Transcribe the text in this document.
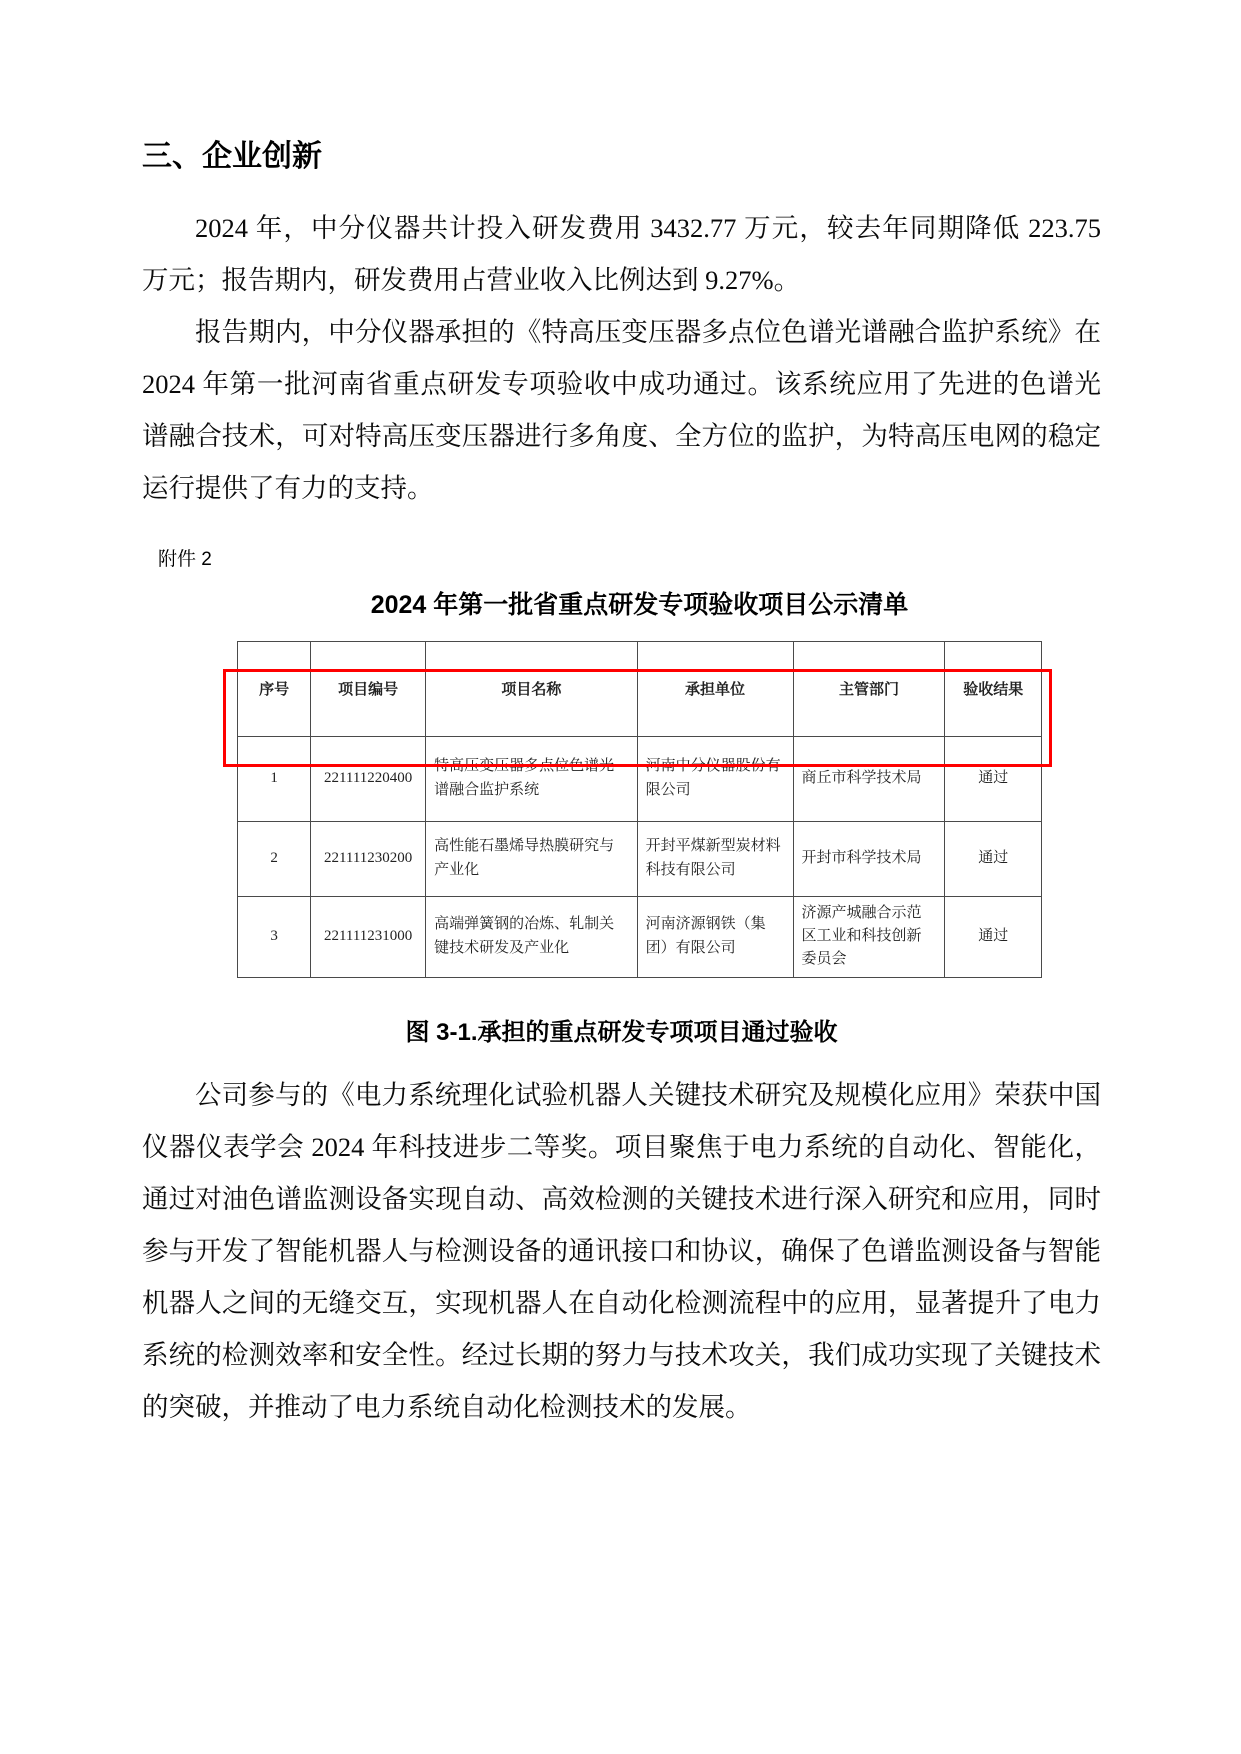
三、企业创新

2024 年，中分仪器共计投入研发费用 3432.77 万元，较去年同期降低 223.75 万元；报告期内，研发费用占营业收入比例达到 9.27%。

报告期内，中分仪器承担的《特高压变压器多点位色谱光谱融合监护系统》在 2024 年第一批河南省重点研发专项验收中成功通过。该系统应用了先进的色谱光谱融合技术，可对特高压变压器进行多角度、全方位的监护，为特高压电网的稳定运行提供了有力的支持。

附件 2
2024 年第一批省重点研发专项验收项目公示清单
序号	项目编号	项目名称	承担单位	主管部门	验收结果
1	221111220400	特高压变压器多点位色谱光谱融合监护系统	河南中分仪器股份有限公司	商丘市科学技术局	通过
2	221111230200	高性能石墨烯导热膜研究与产业化	开封平煤新型炭材料科技有限公司	开封市科学技术局	通过
3	221111231000	高端弹簧钢的冶炼、轧制关键技术研发及产业化	河南济源钢铁（集团）有限公司	济源产城融合示范区工业和科技创新委员会	通过
图 3-1.承担的重点研发专项项目通过验收

公司参与的《电力系统理化试验机器人关键技术研究及规模化应用》荣获中国仪器仪表学会 2024 年科技进步二等奖。项目聚焦于电力系统的自动化、智能化，通过对油色谱监测设备实现自动、高效检测的关键技术进行深入研究和应用，同时参与开发了智能机器人与检测设备的通讯接口和协议，确保了色谱监测设备与智能机器人之间的无缝交互，实现机器人在自动化检测流程中的应用，显著提升了电力系统的检测效率和安全性。经过长期的努力与技术攻关，我们成功实现了关键技术的突破，并推动了电力系统自动化检测技术的发展。
